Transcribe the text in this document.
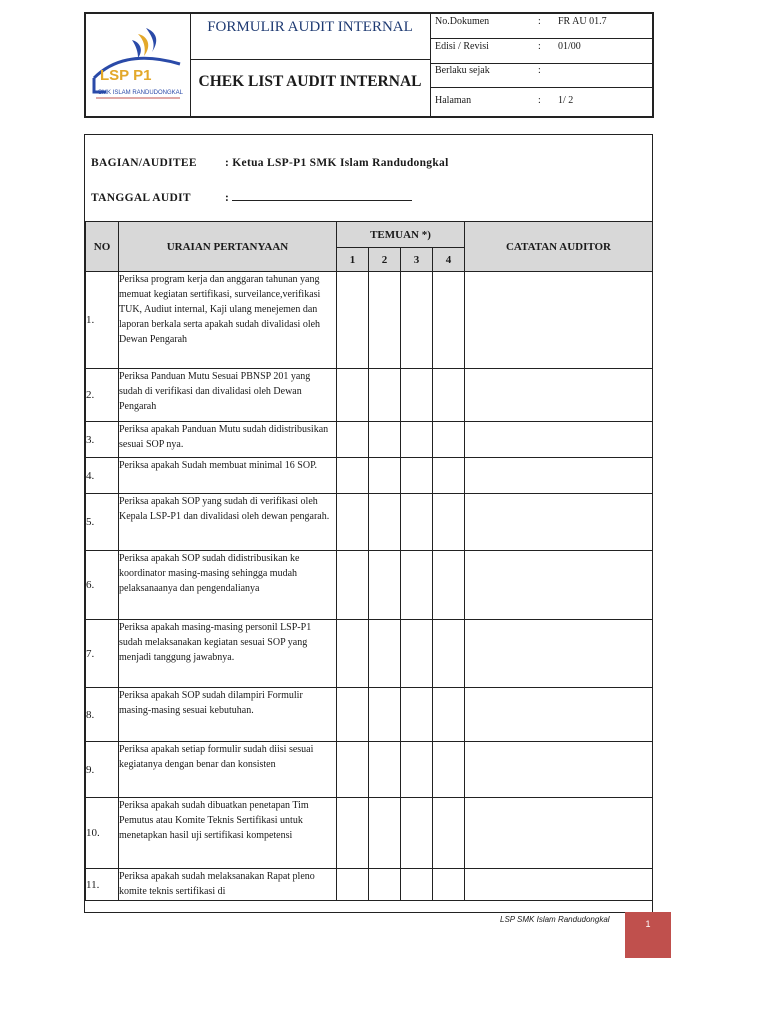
LSP P1
SMK ISLAM RANDUDONGKAL
FORMULIR AUDIT INTERNAL
CHEK LIST AUDIT INTERNAL
No.Dokumen	: FR AU 01.7
Edisi / Revisi	: 01/00
Berlaku sejak	:
Halaman	: 1/ 2
BAGIAN/AUDITEE : Ketua LSP-P1 SMK Islam Randudongkal
TANGGAL AUDIT	:
NO	URAIAN PERTANYAAN	TEMUAN *)				CATATAN AUDITOR
		1	2	3	4	
1.	Periksa program kerja dan anggaran tahunan yang memuat kegiatan sertifikasi, surveilance,verifikasi TUK, Audiut internal, Kaji ulang menejemen dan laporan berkala serta apakah sudah divalidasi oleh Dewan Pengarah					
2.	Periksa Panduan Mutu Sesuai PBNSP 201 yang sudah di verifikasi dan divalidasi oleh Dewan Pengarah					
3.	Periksa apakah Panduan Mutu sudah didistribusikan sesuai SOP nya.					
4.	Periksa apakah Sudah membuat minimal 16 SOP.					
5.	Periksa apakah SOP yang sudah di verifikasi oleh Kepala LSP-P1 dan divalidasi oleh dewan pengarah.					
6.	Periksa apakah SOP sudah didistribusikan ke koordinator masing-masing sehingga mudah pelaksanaanya dan pengendalianya					
7.	Periksa apakah masing-masing personil LSP-P1 sudah melaksanakan kegiatan sesuai SOP yang menjadi tanggung jawabnya.					
8.	Periksa apakah SOP sudah dilampiri Formulir masing-masing sesuai kebutuhan.					
9.	Periksa apakah setiap formulir sudah diisi sesuai kegiatanya dengan benar dan konsisten					
10.	Periksa apakah sudah dibuatkan penetapan Tim Pemutus atau Komite Teknis Sertifikasi untuk menetapkan hasil uji sertifikasi kompetensi					
11.	Periksa apakah sudah melaksanakan Rapat pleno komite teknis sertifikasi di					
LSP SMK Islam Randudongkal	1
